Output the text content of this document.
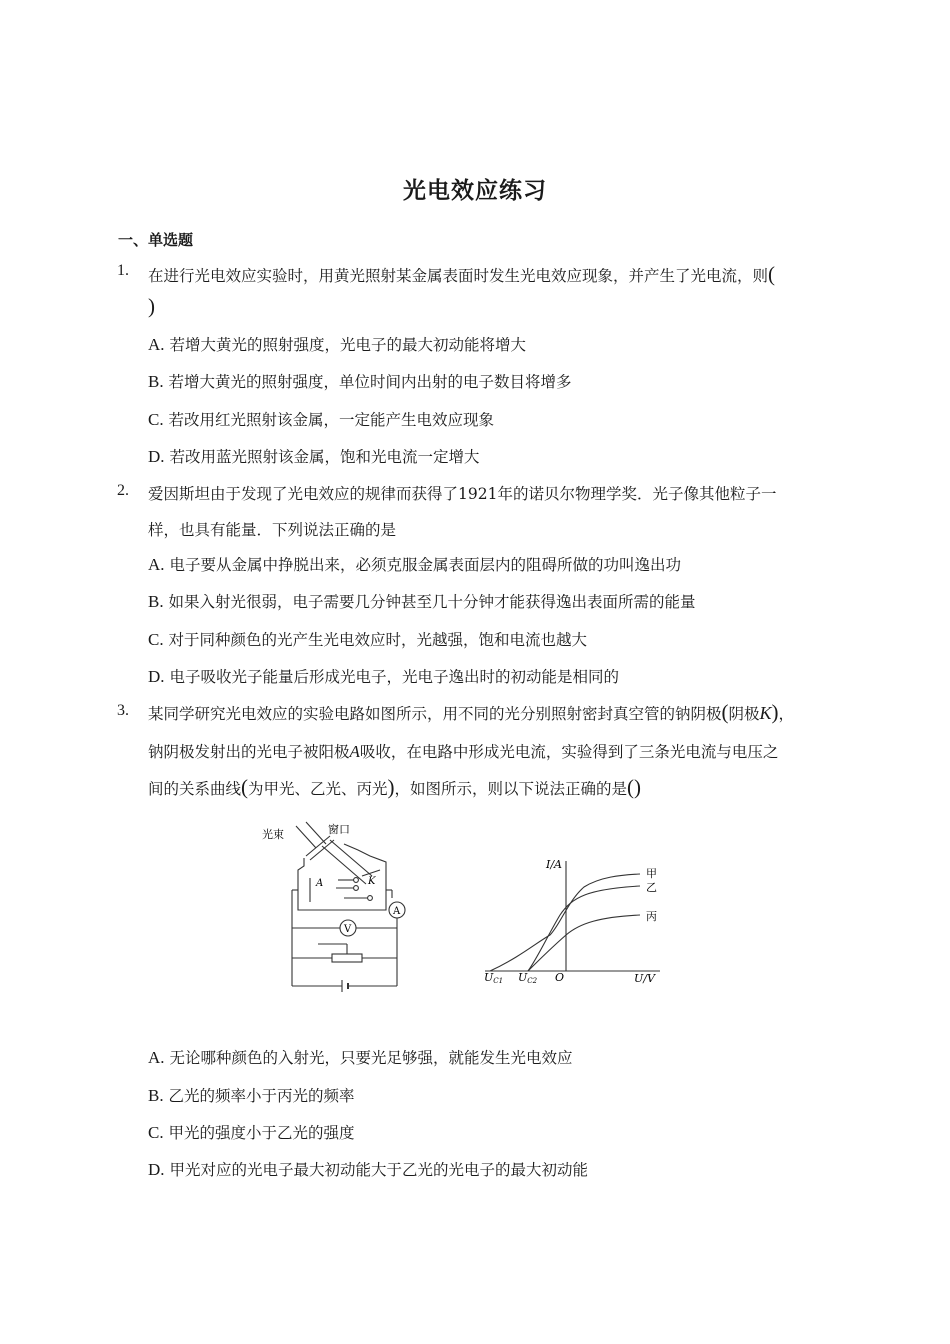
光电效应练习
一、单选题
1. 在进行光电效应实验时，用黄光照射某金属表面时发生光电效应现象，并产生了光电流，则(
)
A. 若增大黄光的照射强度，光电子的最大初动能将增大
B. 若增大黄光的照射强度，单位时间内出射的电子数目将增多
C. 若改用红光照射该金属，一定能产生电效应现象
D. 若改用蓝光照射该金属，饱和光电流一定增大
2. 爱因斯坦由于发现了光电效应的规律而获得了1921年的诺贝尔物理学奖．光子像其他粒子一
样，也具有能量．下列说法正确的是
A. 电子要从金属中挣脱出来，必须克服金属表面层内的阻碍所做的功叫逸出功
B. 如果入射光很弱，电子需要几分钟甚至几十分钟才能获得逸出表面所需的能量
C. 对于同种颜色的光产生光电效应时，光越强，饱和电流也越大
D. 电子吸收光子能量后形成光电子，光电子逸出时的初动能是相同的
3. 某同学研究光电效应的实验电路如图所示，用不同的光分别照射密封真空管的钠阴极(阴极K)，
钠阴极发射出的光电子被阳极A吸收，在电路中形成光电流，实验得到了三条光电流与电压之
间的关系曲线(为甲光、乙光、丙光)，如图所示，则以下说法正确的是()
光束	窗口
A	K
A
V
I/A
U/V
O
UC1 UC2
甲
乙
丙
A. 无论哪种颜色的入射光，只要光足够强，就能发生光电效应
B. 乙光的频率小于丙光的频率
C. 甲光的强度小于乙光的强度
D. 甲光对应的光电子最大初动能大于乙光的光电子的最大初动能
